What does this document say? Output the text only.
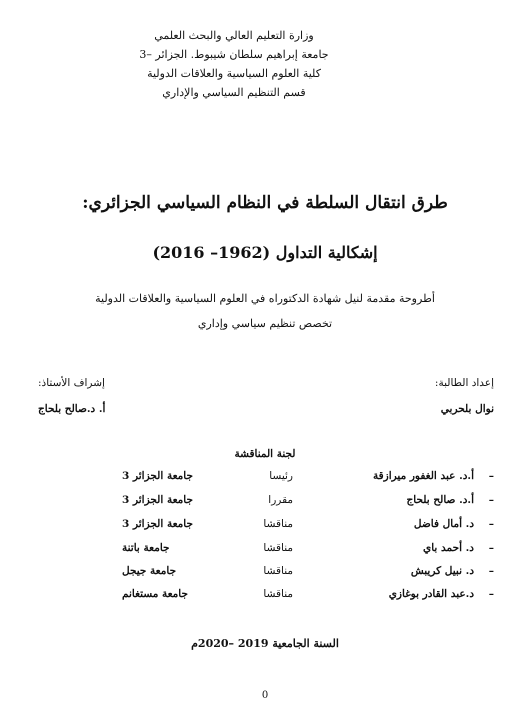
وزارة التعليم العالي والبحث العلمي
جامعة إبراهيم سلطان شيبوط. الجزائر –3
كلية العلوم السياسية والعلاقات الدولية
قسم التنظيم السياسي والإداري
طرق انتقال السلطة في النظام السياسي الجزائري:
إشكالية التداول (1962– 2016)
أطروحة مقدمة لنيل شهادة الدكتوراه في العلوم السياسية والعلاقات الدولية
تخصص تنظيم سياسي وإداري
إعداد الطالبة:
نوال بلحربي
إشراف الأستاذ:
أ. د.صالح بلحاج
لجنة المناقشة
–
أ.د. عبد الغفور ميرازقة
رئيسا
جامعة الجزائر 3
–
أ.د. صالح بلحاج
مقررا
جامعة الجزائر 3
–
د. أمال فاضل
مناقشا
جامعة الجزائر 3
–
د. أحمد باي
مناقشا
جامعة باتنة
–
د. نبيل كريبش
مناقشا
جامعة جيجل
–
د.عبد القادر بوغازي
مناقشا
جامعة مستغانم
السنة الجامعية 2019 –2020م
0
